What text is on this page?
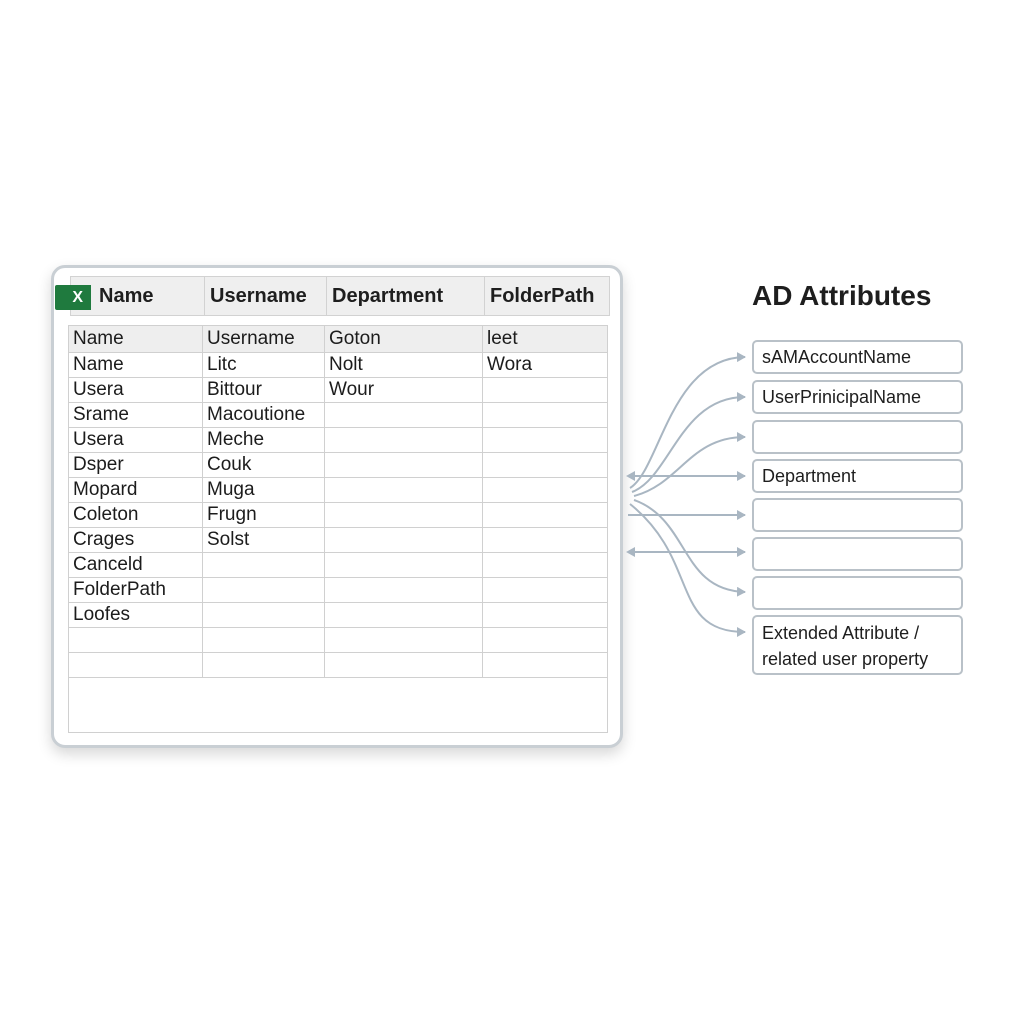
X Name	Username	Department	FolderPath
Name	Username	Goton	leet
Name	Litc	Nolt	Wora
Usera	Bittour	Wour
Srame	Macoutione
Usera	Meche
Dsper	Couk
Mopard	Muga
Coleton	Frugn
Crages	Solst
Canceld
FolderPath
Loofes
AD Attributes
sAMAccountName
UserPrinicipalName
Department
Extended Attribute / related user property
